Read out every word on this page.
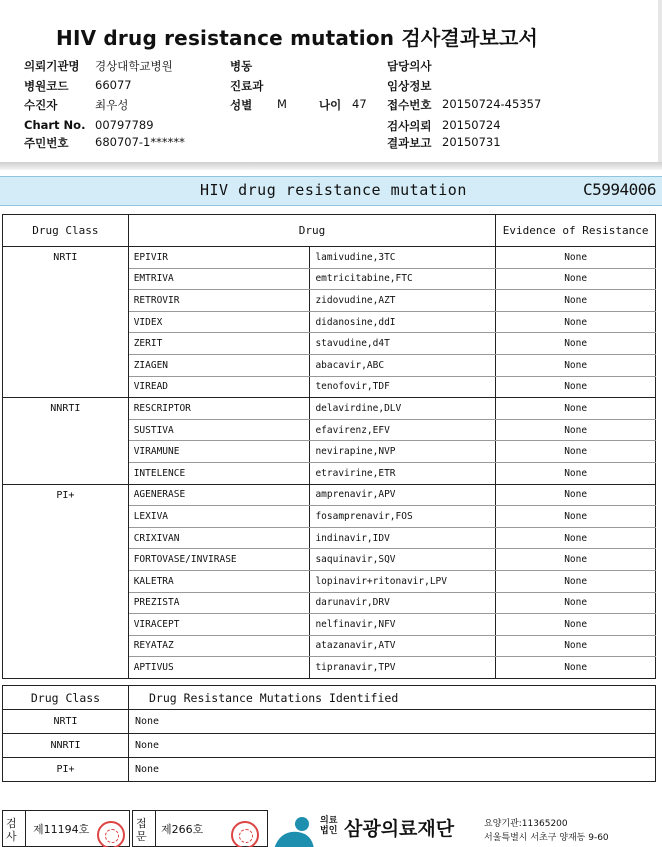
HIV drug resistance mutation 검사결과보고서
의뢰기관명 경상대학교병원
병원코드 66077
수진자	최우성
Chart No. 00797789
주민번호 680707-1******
병동
진료과
성별 M	나이 47
담당의사
임상정보
접수번호 20150724-45357
검사의뢰 20150724
결과보고 20150731
HIV drug resistance mutation	C5994006
Drug Class	Drug		Evidence of Resistance
NRTI	EPIVIR	lamivudine,3TC	None
	EMTRIVA	emtricitabine,FTC	None
	RETROVIR	zidovudine,AZT	None
	VIDEX	didanosine,ddI	None
	ZERIT	stavudine,d4T	None
	ZIAGEN	abacavir,ABC	None
	VIREAD	tenofovir,TDF	None
NNRTI	RESCRIPTOR	delavirdine,DLV	None
	SUSTIVA	efavirenz,EFV	None
	VIRAMUNE	nevirapine,NVP	None
	INTELENCE	etravirine,ETR	None
PI+	AGENERASE	amprenavir,APV	None
	LEXIVA	fosamprenavir,FOS	None
	CRIXIVAN	indinavir,IDV	None
	FORTOVASE/INVIRASE	saquinavir,SQV	None
	KALETRA	lopinavir+ritonavir,LPV	None
	PREZISTA	darunavir,DRV	None
	VIRACEPT	nelfinavir,NFV	None
	REYATAZ	atazanavir,ATV	None
	APTIVUS	tipranavir,TPV	None
Drug Class	Drug Resistance Mutations Identified
NRTI	None
NNRTI	None
PI+	None
검사
제11194호	접문
제266호
의료법인 삼광의료재단	요양기관:11365200
서울특별시 서초구 양재동 9-60
